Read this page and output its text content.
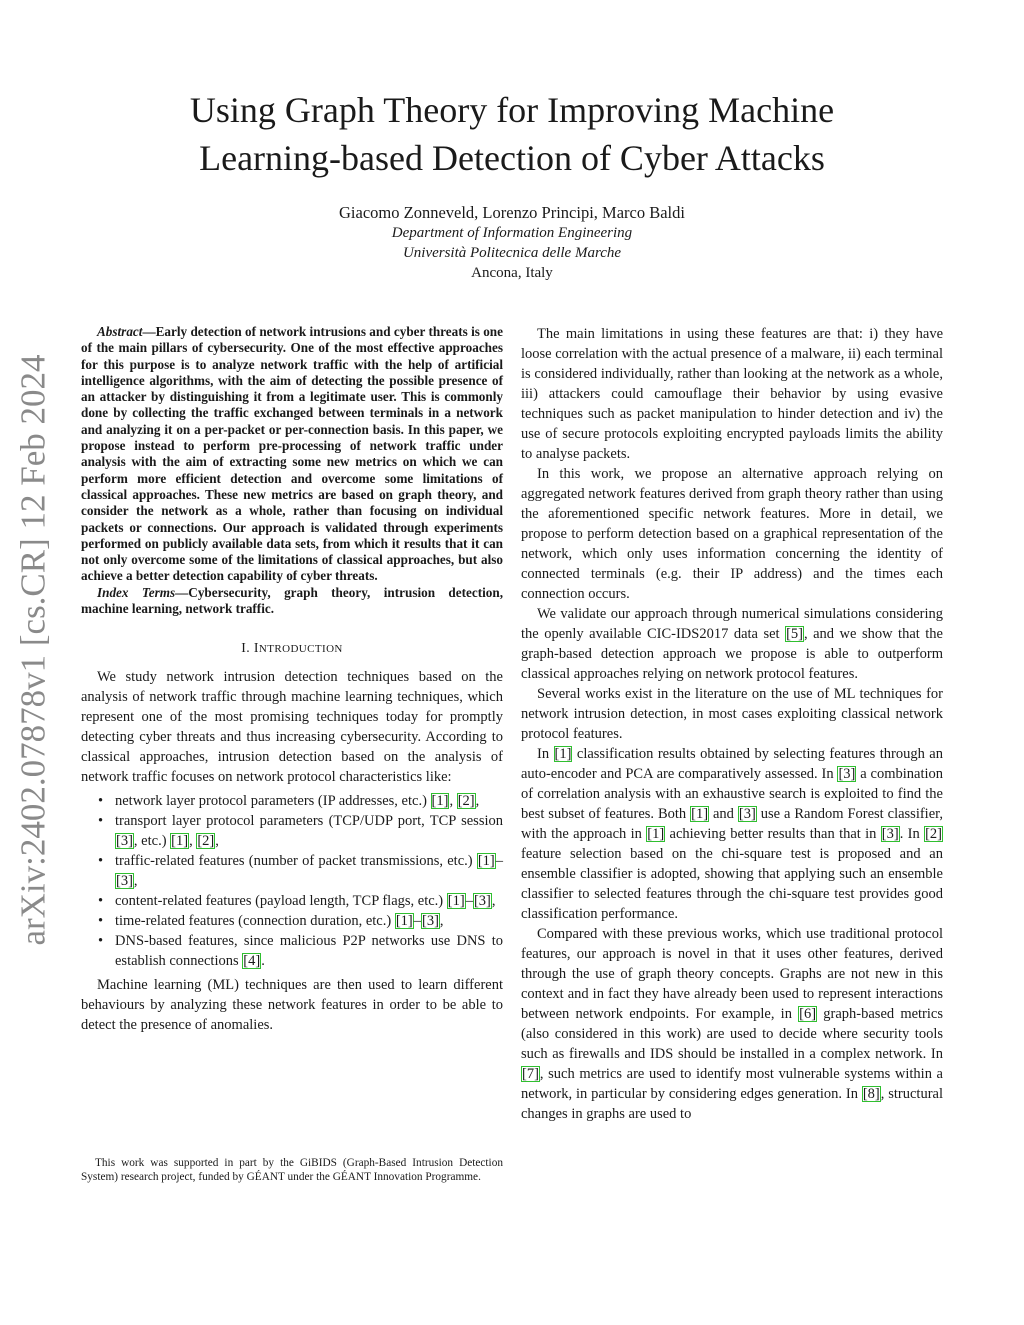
arXiv:2402.07878v1 [cs.CR] 12 Feb 2024
Using Graph Theory for Improving Machine
Learning-based Detection of Cyber Attacks
Giacomo Zonneveld, Lorenzo Principi, Marco Baldi
Department of Information Engineering
Università Politecnica delle Marche
Ancona, Italy

Abstract—Early detection of network intrusions and cyber threats is one of the main pillars of cybersecurity. One of the most effective approaches for this purpose is to analyze network traffic with the help of artificial intelligence algorithms, with the aim of detecting the possible presence of an attacker by distinguishing it from a legitimate user. This is commonly done by collecting the traffic exchanged between terminals in a network and analyzing it on a per-packet or per-connection basis. In this paper, we propose instead to perform pre-processing of network traffic under analysis with the aim of extracting some new metrics on which we can perform more efficient detection and overcome some limitations of classical approaches. These new metrics are based on graph theory, and consider the network as a whole, rather than focusing on individual packets or connections. Our approach is validated through experiments performed on publicly available data sets, from which it results that it can not only overcome some of the limitations of classical approaches, but also achieve a better detection capability of cyber threats.

Index Terms—Cybersecurity, graph theory, intrusion detection, machine learning, network traffic.

I. INTRODUCTION

We study network intrusion detection techniques based on the analysis of network traffic through machine learning techniques, which represent one of the most promising techniques today for promptly detecting cyber threats and thus increasing cybersecurity. According to classical approaches, intrusion detection based on the analysis of network traffic focuses on network protocol characteristics like:

• network layer protocol parameters (IP addresses, etc.) [1], [2],
• transport layer protocol parameters (TCP/UDP port, TCP session [3], etc.) [1], [2],
• traffic-related features (number of packet transmissions, etc.) [1]–[3],
• content-related features (payload length, TCP flags, etc.) [1]–[3],
• time-related features (connection duration, etc.) [1]–[3],
• DNS-based features, since malicious P2P networks use DNS to establish connections [4].

Machine learning (ML) techniques are then used to learn different behaviours by analyzing these network features in order to be able to detect the presence of anomalies.

This work was supported in part by the GiBIDS (Graph-Based Intrusion Detection System) research project, funded by GÉANT under the GÉANT Innovation Programme.

The main limitations in using these features are that: i) they have loose correlation with the actual presence of a malware, ii) each terminal is considered individually, rather than looking at the network as a whole, iii) attackers could camouflage their behavior by using evasive techniques such as packet manipulation to hinder detection and iv) the use of secure protocols exploiting encrypted payloads limits the ability to analyse packets.

In this work, we propose an alternative approach relying on aggregated network features derived from graph theory rather than using the aforementioned specific network features. More in detail, we propose to perform detection based on a graphical representation of the network, which only uses information concerning the identity of connected terminals (e.g. their IP address) and the times each connection occurs.

We validate our approach through numerical simulations considering the openly available CIC-IDS2017 data set [5], and we show that the graph-based detection approach we propose is able to outperform classical approaches relying on network protocol features.

Several works exist in the literature on the use of ML techniques for network intrusion detection, in most cases exploiting classical network protocol features.

In [1] classification results obtained by selecting features through an auto-encoder and PCA are comparatively assessed. In [3] a combination of correlation analysis with an exhaustive search is exploited to find the best subset of features. Both [1] and [3] use a Random Forest classifier, with the approach in [1] achieving better results than that in [3]. In [2] feature selection based on the chi-square test is proposed and an ensemble classifier is adopted, showing that applying such an ensemble classifier to selected features through the chi-square test provides good classification performance.

Compared with these previous works, which use traditional protocol features, our approach is novel in that it uses other features, derived through the use of graph theory concepts. Graphs are not new in this context and in fact they have already been used to represent interactions between network endpoints. For example, in [6] graph-based metrics (also considered in this work) are used to decide where security tools such as firewalls and IDS should be installed in a complex network. In [7], such metrics are used to identify most vulnerable systems within a network, in particular by considering edges generation. In [8], structural changes in graphs are used to
